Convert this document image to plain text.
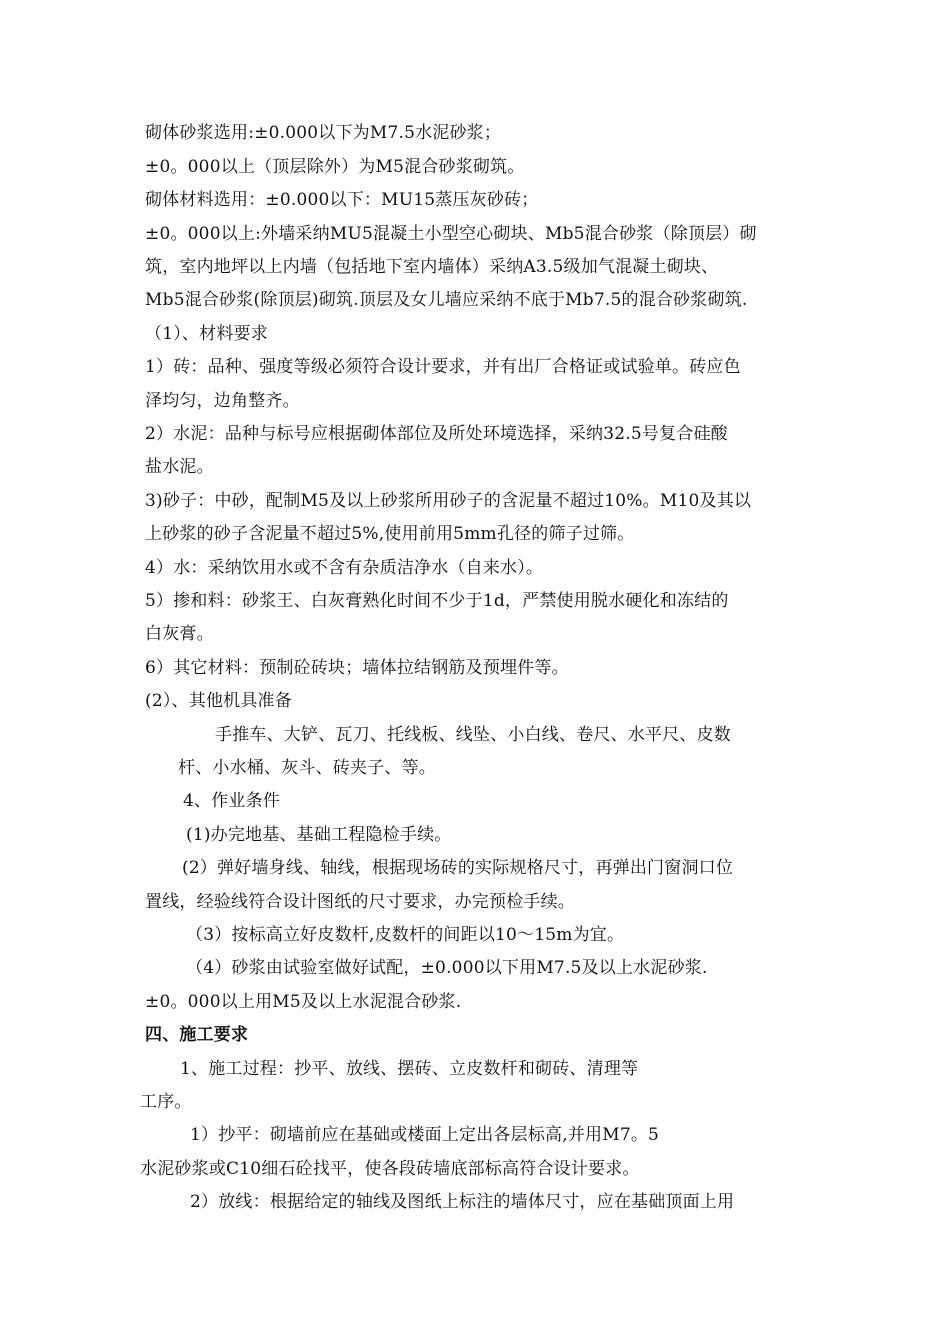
砌体砂浆选用:±0.000以下为M7.5水泥砂浆；
±0。000以上（顶层除外）为M5混合砂浆砌筑。
砌体材料选用：±0.000以下：MU15蒸压灰砂砖；
±0。000以上:外墙采纳MU5混凝土小型空心砌块、Mb5混合砂浆（除顶层）砌
筑，室内地坪以上内墙（包括地下室内墙体）采纳A3.5级加气混凝土砌块、
Mb5混合砂浆(除顶层)砌筑.顶层及女儿墙应采纳不底于Mb7.5的混合砂浆砌筑.
（1）、材料要求
1）砖：品种、强度等级必须符合设计要求，并有出厂合格证或试验单。砖应色
泽均匀，边角整齐。
2）水泥：品种与标号应根据砌体部位及所处环境选择，采纳32.5号复合硅酸
盐水泥。
3)砂子：中砂，配制M5及以上砂浆所用砂子的含泥量不超过10%。M10及其以
上砂浆的砂子含泥量不超过5%,使用前用5mm孔径的筛子过筛。
4）水：采纳饮用水或不含有杂质洁净水（自来水）。
5）掺和料：砂浆王、白灰膏熟化时间不少于1d，严禁使用脱水硬化和冻结的
白灰膏。
6）其它材料：预制砼砖块；墙体拉结钢筋及预埋件等。
(2）、其他机具准备
手推车、大铲、瓦刀、托线板、线坠、小白线、卷尺、水平尺、皮数
杆、小水桶、灰斗、砖夹子、等。
4、作业条件
(1)办完地基、基础工程隐检手续。
(2）弹好墙身线、轴线，根据现场砖的实际规格尺寸，再弹出门窗洞口位
置线，经验线符合设计图纸的尺寸要求，办完预检手续。
（3）按标高立好皮数杆,皮数杆的间距以10～15m为宜。
（4）砂浆由试验室做好试配，±0.000以下用M7.5及以上水泥砂浆.
±0。000以上用M5及以上水泥混合砂浆.
四、施工要求
1、施工过程：抄平、放线、摆砖、立皮数杆和砌砖、清理等
工序。
1）抄平：砌墙前应在基础或楼面上定出各层标高,并用M7。5
水泥砂浆或C10细石砼找平，使各段砖墙底部标高符合设计要求。
2）放线：根据给定的轴线及图纸上标注的墙体尺寸，应在基础顶面上用
